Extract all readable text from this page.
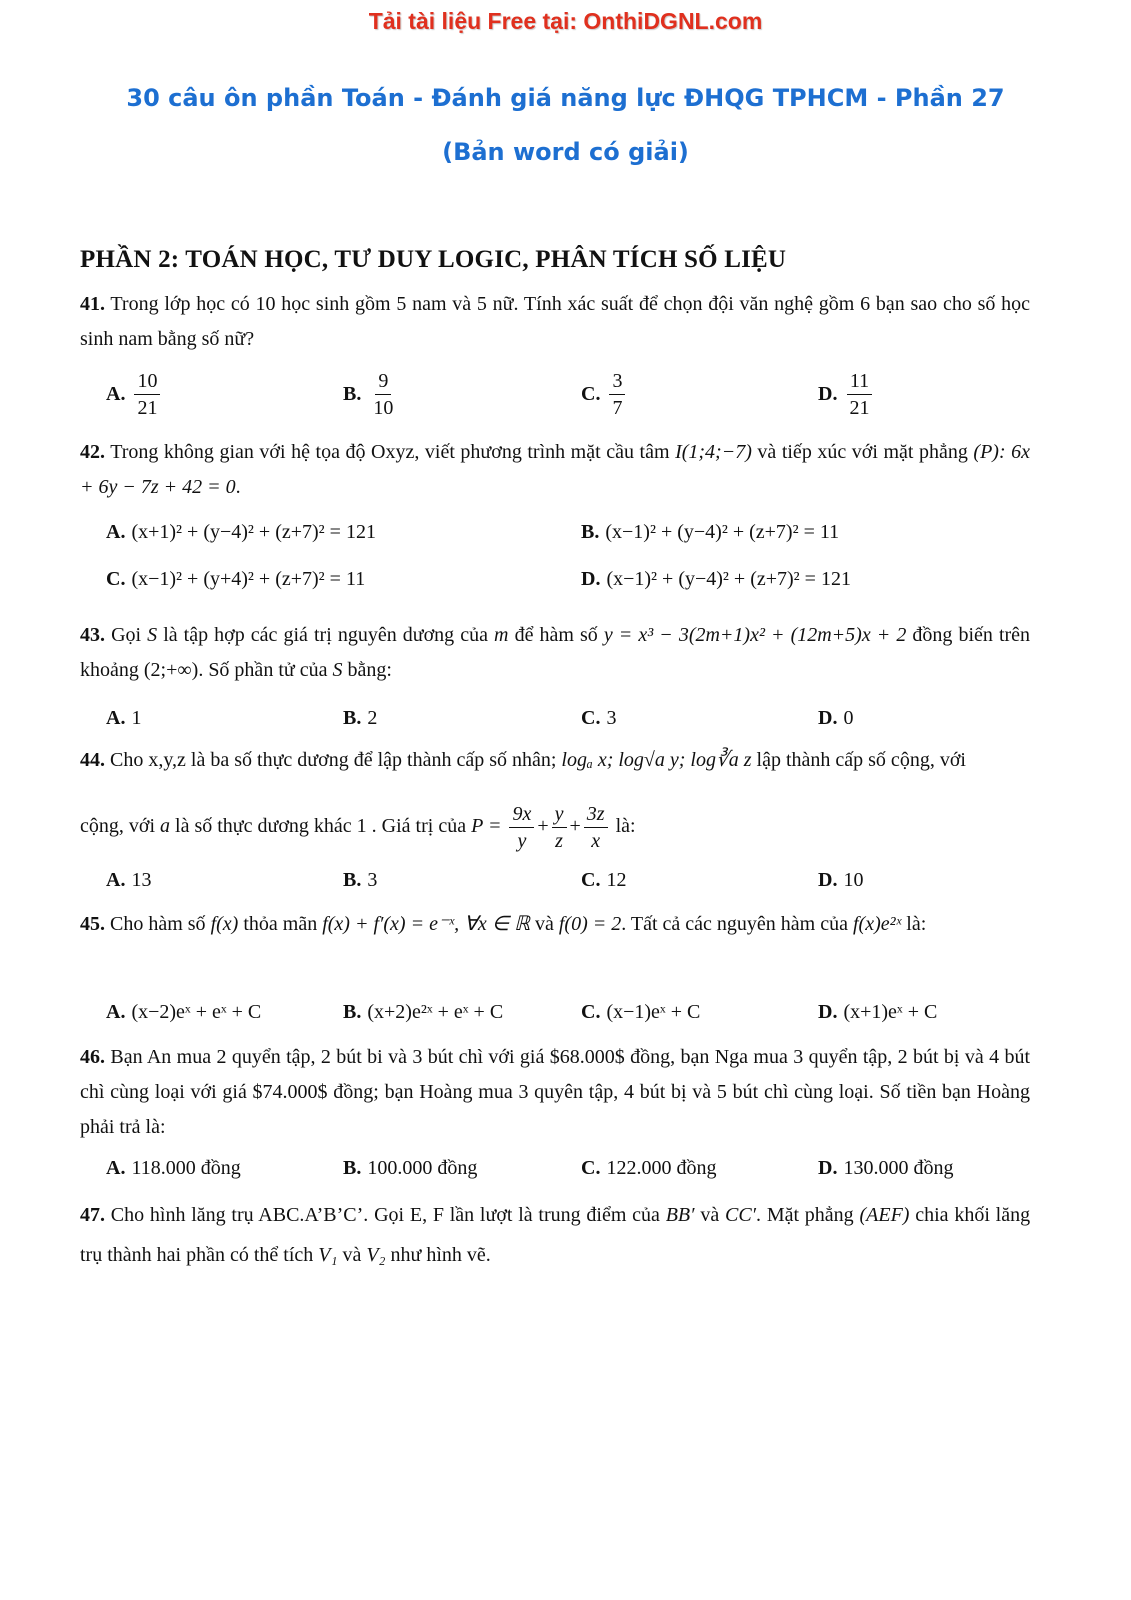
Tải tài liệu Free tại: OnthiDGNL.com
30 câu ôn phần Toán - Đánh giá năng lực ĐHQG TPHCM - Phần 27
(Bản word có giải)
PHẦN 2: TOÁN HỌC, TƯ DUY LOGIC, PHÂN TÍCH SỐ LIỆU
41. Trong lớp học có 10 học sinh gồm 5 nam và 5 nữ. Tính xác suất để chọn đội văn nghệ gồm 6 bạn sao cho số học sinh nam bằng số nữ?
A. $\frac{10}{21}$	B. $\frac{9}{10}$	C. $\frac{3}{7}$	D. $\frac{11}{21}$
42. Trong không gian với hệ tọa độ Oxyz, viết phương trình mặt cầu tâm I(1;4;−7) và tiếp xúc với mặt phẳng (P): 6x + 6y − 7z + 42 = 0.
A. (x+1)² + (y−4)² + (z+7)² = 121	B. (x−1)² + (y−4)² + (z+7)² = 11
C. (x−1)² + (y+4)² + (z+7)² = 11	D. (x−1)² + (y−4)² + (z+7)² = 121
43. Gọi S là tập hợp các giá trị nguyên dương của m để hàm số y = x³ − 3(2m+1)x² + (12m+5)x + 2 đồng biến trên khoảng (2;+∞). Số phần tử của S bằng:
A. 1	B. 2	C. 3	D. 0
44. Cho x,y,z là ba số thực dương để lập thành cấp số nhân; logₐ x; log√a y; log∛a z lập thành cấp số cộng, với
cộng, với a là số thực dương khác 1 . Giá trị của $P = \frac{9x}{y} + \frac{y}{z} + \frac{3z}{x}$ là:
A. 13	B. 3	C. 12	D. 10
45. Cho hàm số f(x) thỏa mãn f(x) + f′(x) = e⁻ˣ, ∀x ∈ ℝ và f(0) = 2. Tất cả các nguyên hàm của f(x)e²ˣ là:
A. (x−2)eˣ + eˣ + C	B. (x+2)e²ˣ + eˣ + C	C. (x−1)eˣ + C	D. (x+1)eˣ + C
46. Bạn An mua 2 quyển tập, 2 bút bi và 3 bút chì với giá $68.000$ đồng, bạn Nga mua 3 quyển tập, 2 bút bị và 4 bút chì cùng loại với giá $74.000$ đồng; bạn Hoàng mua 3 quyên tập, 4 bút bị và 5 bút chì cùng loại. Số tiền bạn Hoàng phải trả là:
A. 118.000 đồng	B. 100.000 đồng	C. 122.000 đồng	D. 130.000 đồng
47. Cho hình lăng trụ ABC.A’B’C’. Gọi E, F lần lượt là trung điểm của BB′ và CC′. Mặt phẳng (AEF) chia khối lăng trụ thành hai phần có thể tích V₁ và V₂ như hình vẽ.
